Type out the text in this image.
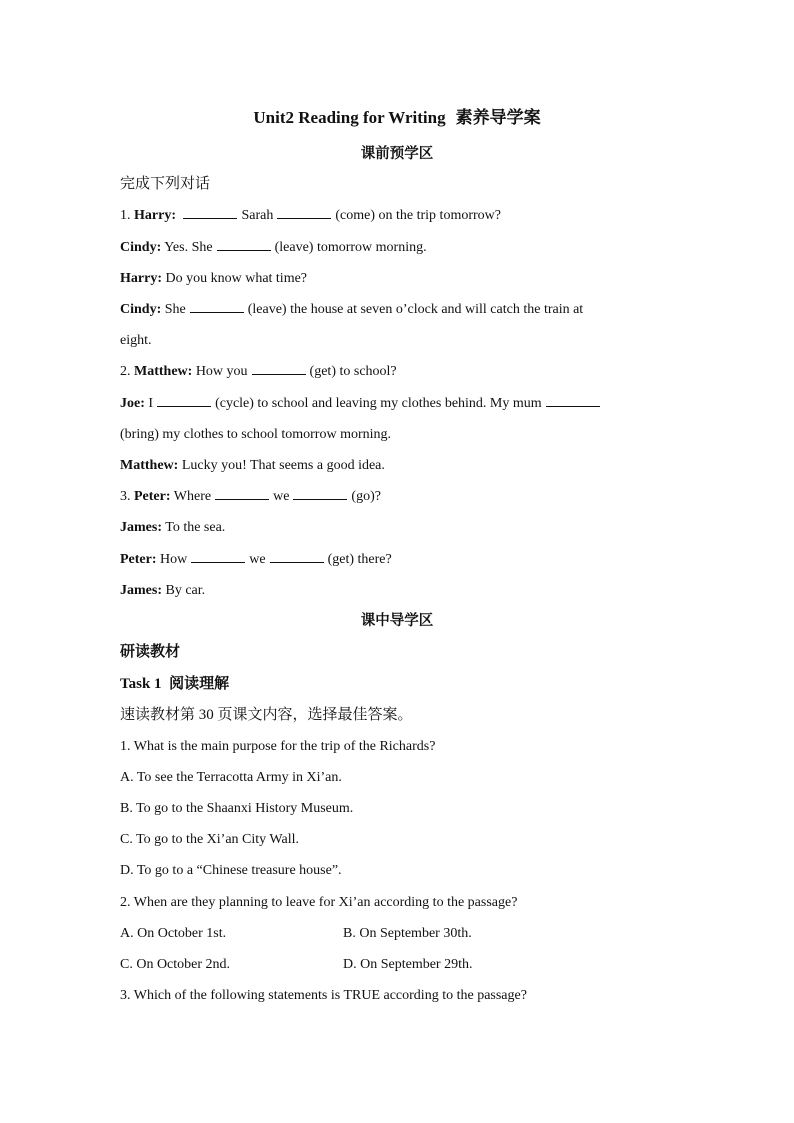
Unit2 Reading for Writing 素养导学案
课前预学区
完成下列对话
1. Harry:	Sarah	(come) on the trip tomorrow?
Cindy: Yes. She	(leave) tomorrow morning.
Harry: Do you know what time?
Cindy: She	(leave) the house at seven o’clock and will catch the train at
eight.
2. Matthew: How you	(get) to school?
Joe: I	(cycle) to school and leaving my clothes behind. My mum
(bring) my clothes to school tomorrow morning.
Matthew: Lucky you! That seems a good idea.
3. Peter: Where	we	(go)?
James: To the sea.
Peter: How	we	(get) there?
James: By car.
课中导学区
研读教材
Task 1 阅读理解
速读教材第 30 页课文内容，选择最佳答案。
1. What is the main purpose for the trip of the Richards?
A. To see the Terracotta Army in Xi’an.
B. To go to the Shaanxi History Museum.
C. To go to the Xi’an City Wall.
D. To go to a “Chinese treasure house”.
2. When are they planning to leave for Xi’an according to the passage?
A. On October 1st.	B. On September 30th.
C. On October 2nd.	D. On September 29th.
3. Which of the following statements is TRUE according to the passage?
